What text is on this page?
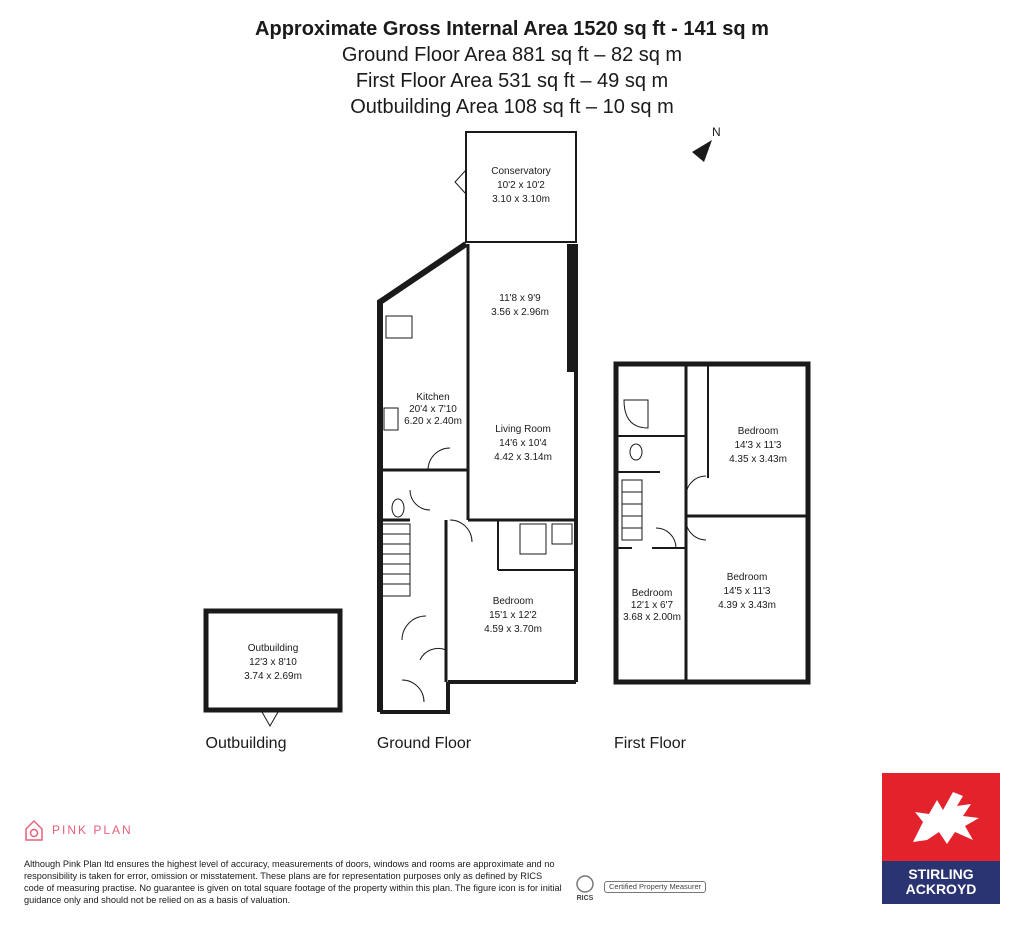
Approximate Gross Internal Area 1520 sq ft - 141 sq m
Ground Floor Area 881 sq ft – 82 sq m
First Floor Area 531 sq ft – 49 sq m
Outbuilding Area 108 sq ft – 10 sq m
N
Conservatory
10'2 x 10'2
3.10 x 3.10m
11'8 x 9'9
3.56 x 2.96m
Kitchen
20'4 x 7'10
6.20 x 2.40m
Living Room
14'6 x 10'4
4.42 x 3.14m
Bedroom
15'1 x 12'2
4.59 x 3.70m
Ground Floor
Outbuilding
12'3 x 8'10
3.74 x 2.69m
Outbuilding
Bedroom
14'3 x 11'3
4.35 x 3.43m
Bedroom
14'5 x 11'3
4.39 x 3.43m
Bedroom
12'1 x 6'7
3.68 x 2.00m
First Floor
PINK PLAN
Although Pink Plan ltd ensures the highest level of accuracy, measurements of doors, windows and rooms are approximate and no responsibility is taken for error, omission or misstatement. These plans are for representation purposes only as defined by RICS code of measuring practise. No guarantee is given on total square footage of the property within this plan. The figure icon is for initial guidance only and should not be relied on as a basis of valuation.	RICS
Certified Property Measurer
STIRLING
ACKROYD
